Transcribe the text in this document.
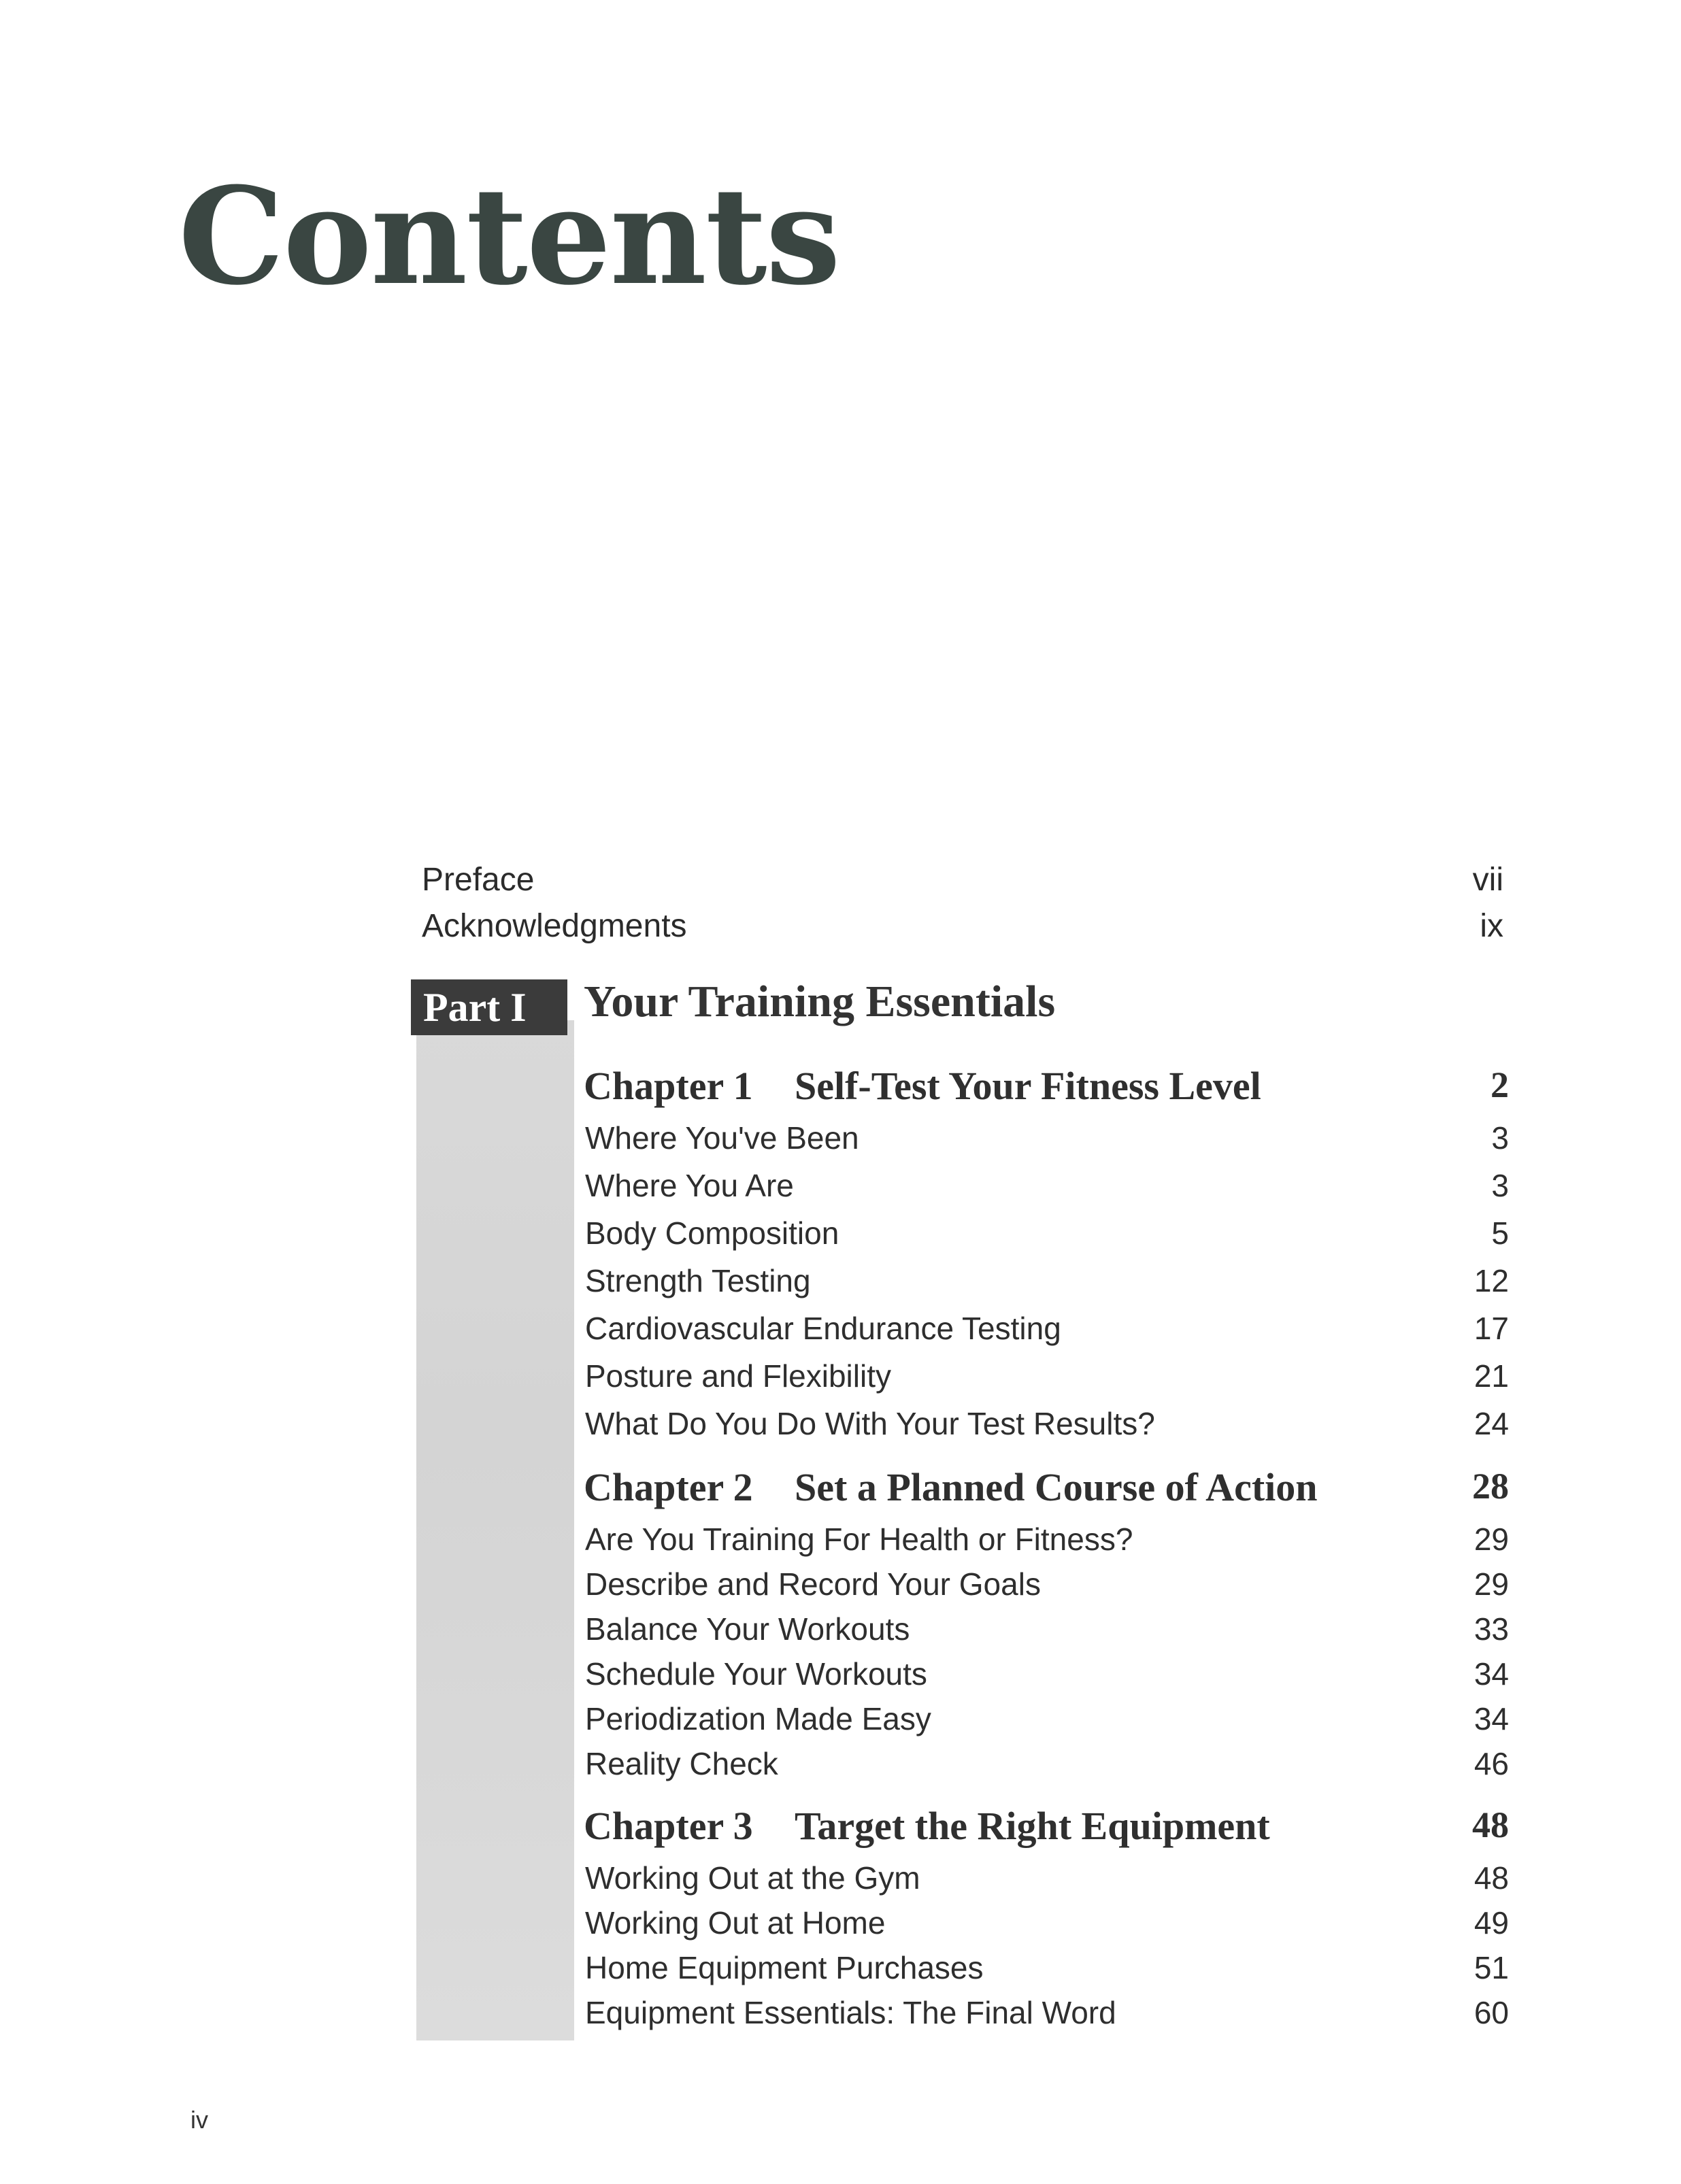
Contents
Preface	vii
Acknowledgments	ix
Part I	Your Training Essentials
Chapter 1 Self-Test Your Fitness Level	2
Where You've Been	3
Where You Are	3
Body Composition	5
Strength Testing	12
Cardiovascular Endurance Testing	17
Posture and Flexibility	21
What Do You Do With Your Test Results?	24
Chapter 2 Set a Planned Course of Action	28
Are You Training For Health or Fitness?	29
Describe and Record Your Goals	29
Balance Your Workouts	33
Schedule Your Workouts	34
Periodization Made Easy	34
Reality Check	46
Chapter 3 Target the Right Equipment	48
Working Out at the Gym	48
Working Out at Home	49
Home Equipment Purchases	51
Equipment Essentials: The Final Word	60
iv
